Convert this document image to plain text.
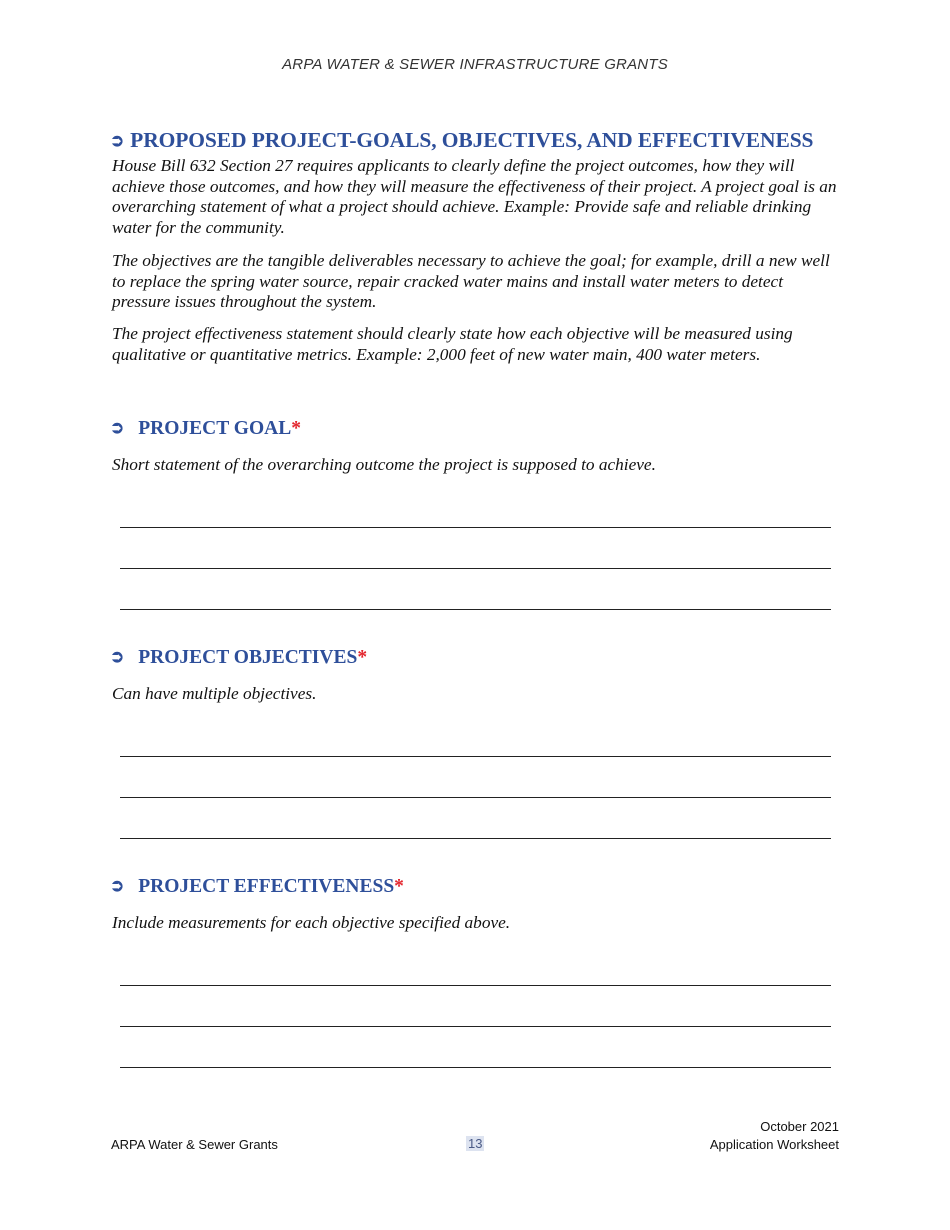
ARPA WATER & SEWER INFRASTRUCTURE GRANTS
➲ PROPOSED PROJECT-GOALS, OBJECTIVES, AND EFFECTIVENESS

House Bill 632 Section 27 requires applicants to clearly define the project outcomes, how they will achieve those outcomes, and how they will measure the effectiveness of their project. A project goal is an overarching statement of what a project should achieve. Example: Provide safe and reliable drinking water for the community.

The objectives are the tangible deliverables necessary to achieve the goal; for example, drill a new well to replace the spring water source, repair cracked water mains and install water meters to detect pressure issues throughout the system.

The project effectiveness statement should clearly state how each objective will be measured using qualitative or quantitative metrics. Example: 2,000 feet of new water main, 400 water meters.

➲ PROJECT GOAL*

Short statement of the overarching outcome the project is supposed to achieve.

➲ PROJECT OBJECTIVES*

Can have multiple objectives.

➲ PROJECT EFFECTIVENESS*

Include measurements for each objective specified above.

ARPA Water & Sewer Grants	13
October 2021
Application Worksheet
